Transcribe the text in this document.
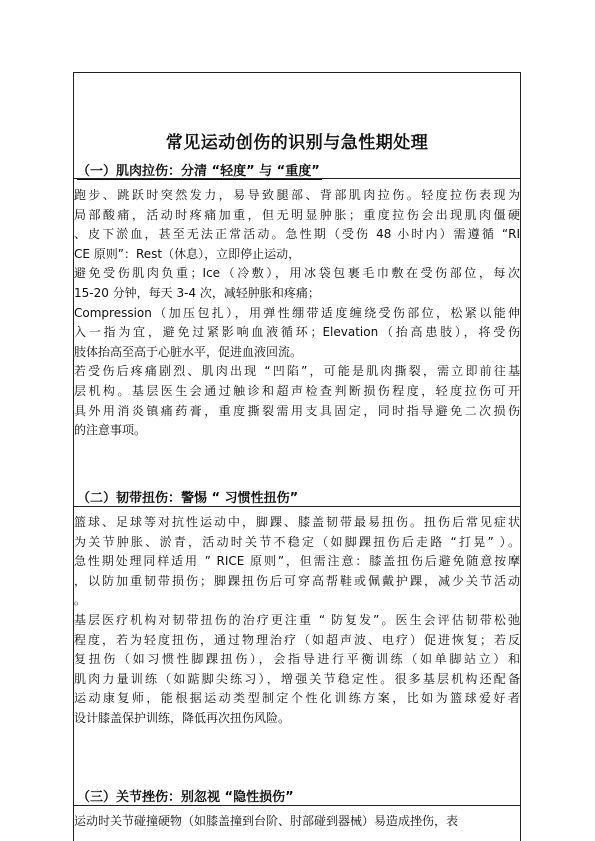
常见运动创伤的识别与急性期处理
（一）肌肉拉伤：分清 “轻度” 与 “重度”
跑步、跳跃时突然发力，易导致腿部、背部肌肉拉伤。轻度拉伤表现为
局部酸痛，活动时疼痛加重，但无明显肿胀；重度拉伤会出现肌肉僵硬
、皮下淤血，甚至无法正常活动。急性期（受伤 48 小时内）需遵循 “RI
CE 原则”：Rest（休息），立即停止运动，
避免受伤肌肉负重；Ice（冷敷），用冰袋包裹毛巾敷在受伤部位，每次
15-20 分钟，每天 3-4 次，减轻肿胀和疼痛；
Compression（加压包扎），用弹性绷带适度缠绕受伤部位，松紧以能伸
入一指为宜，避免过紧影响血液循环；Elevation（抬高患肢），将受伤
肢体抬高至高于心脏水平，促进血液回流。
若受伤后疼痛剧烈、肌肉出现 “凹陷”，可能是肌肉撕裂，需立即前往基
层机构。基层医生会通过触诊和超声检查判断损伤程度，轻度拉伤可开
具外用消炎镇痛药膏，重度撕裂需用支具固定，同时指导避免二次损伤
的注意事项。
（二）韧带扭伤：警惕 “ 习惯性扭伤”
篮球、足球等对抗性运动中，脚踝、膝盖韧带最易扭伤。扭伤后常见症状
为关节肿胀、淤青，活动时关节不稳定（如脚踝扭伤后走路 “打晃” ）。
急性期处理同样适用 ” RICE 原则”，但需注意：膝盖扭伤后避免随意按摩
，以防加重韧带损伤；脚踝扭伤后可穿高帮鞋或佩戴护踝，减少关节活动
。
基层医疗机构对韧带扭伤的治疗更注重 “ 防复发”。医生会评估韧带松弛
程度，若为轻度扭伤，通过物理治疗（如超声波、电疗）促进恢复；若反
复扭伤（如习惯性脚踝扭伤），会指导进行平衡训练（如单脚站立）和
肌肉力量训练（如踮脚尖练习），增强关节稳定性。很多基层机构还配备
运动康复师，能根据运动类型制定个性化训练方案，比如为篮球爱好者
设计膝盖保护训练，降低再次扭伤风险。
（三）关节挫伤：别忽视 “隐性损伤”
运动时关节碰撞硬物（如膝盖撞到台阶、肘部碰到器械）易造成挫伤，表
